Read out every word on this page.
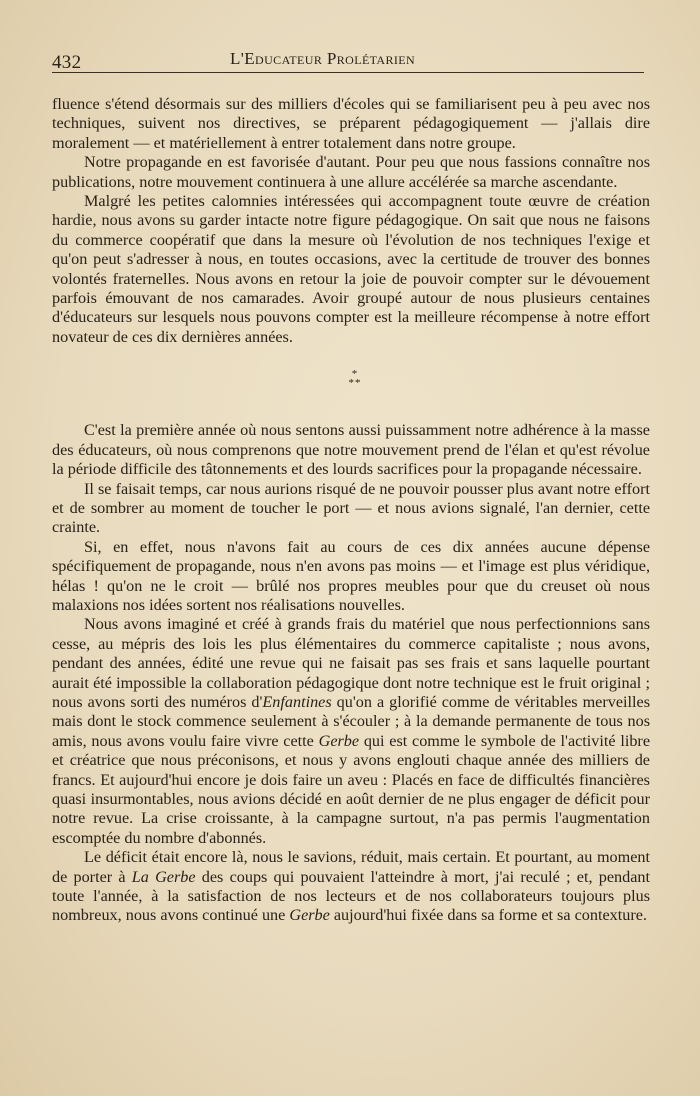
432	L'Educateur Prolétarien

fluence s'étend désormais sur des milliers d'écoles qui se familiarisent peu à peu avec nos techniques, suivent nos directives, se préparent pédagogiquement — j'allais dire moralement — et matériellement à entrer totalement dans notre groupe.

Notre propagande en est favorisée d'autant. Pour peu que nous fassions connaître nos publications, notre mouvement continuera à une allure accélérée sa marche ascendante.

Malgré les petites calomnies intéressées qui accompagnent toute œuvre de création hardie, nous avons su garder intacte notre figure pédagogique. On sait que nous ne faisons du commerce coopératif que dans la mesure où l'évolution de nos techniques l'exige et qu'on peut s'adresser à nous, en toutes occasions, avec la certitude de trouver des bonnes volontés fraternelles. Nous avons en retour la joie de pouvoir compter sur le dévouement parfois émouvant de nos camarades. Avoir groupé autour de nous plusieurs centaines d'éducateurs sur lesquels nous pouvons compter est la meilleure récompense à notre effort novateur de ces dix dernières années.

*
**

C'est la première année où nous sentons aussi puissamment notre adhérence à la masse des éducateurs, où nous comprenons que notre mouvement prend de l'élan et qu'est révolue la période difficile des tâtonnements et des lourds sacrifices pour la propagande nécessaire.

Il se faisait temps, car nous aurions risqué de ne pouvoir pousser plus avant notre effort et de sombrer au moment de toucher le port — et nous avions signalé, l'an dernier, cette crainte.

Si, en effet, nous n'avons fait au cours de ces dix années aucune dépense spécifiquement de propagande, nous n'en avons pas moins — et l'image est plus véridique, hélas ! qu'on ne le croit — brûlé nos propres meubles pour que du creuset où nous malaxions nos idées sortent nos réalisations nouvelles.

Nous avons imaginé et créé à grands frais du matériel que nous perfectionnions sans cesse, au mépris des lois les plus élémentaires du commerce capitaliste ; nous avons, pendant des années, édité une revue qui ne faisait pas ses frais et sans laquelle pourtant aurait été impossible la collaboration pédagogique dont notre technique est le fruit original ; nous avons sorti des numéros d'Enfantines qu'on a glorifié comme de véritables merveilles mais dont le stock commence seulement à s'écouler ; à la demande permanente de tous nos amis, nous avons voulu faire vivre cette Gerbe qui est comme le symbole de l'activité libre et créatrice que nous préconisons, et nous y avons englouti chaque année des milliers de francs. Et aujourd'hui encore je dois faire un aveu : Placés en face de difficultés financières quasi insurmontables, nous avions décidé en août dernier de ne plus engager de déficit pour notre revue. La crise croissante, à la campagne surtout, n'a pas permis l'augmentation escomptée du nombre d'abonnés.

Le déficit était encore là, nous le savions, réduit, mais certain. Et pourtant, au moment de porter à La Gerbe des coups qui pouvaient l'atteindre à mort, j'ai reculé ; et, pendant toute l'année, à la satisfaction de nos lecteurs et de nos collaborateurs toujours plus nombreux, nous avons continué une Gerbe aujourd'hui fixée dans sa forme et sa contexture.
